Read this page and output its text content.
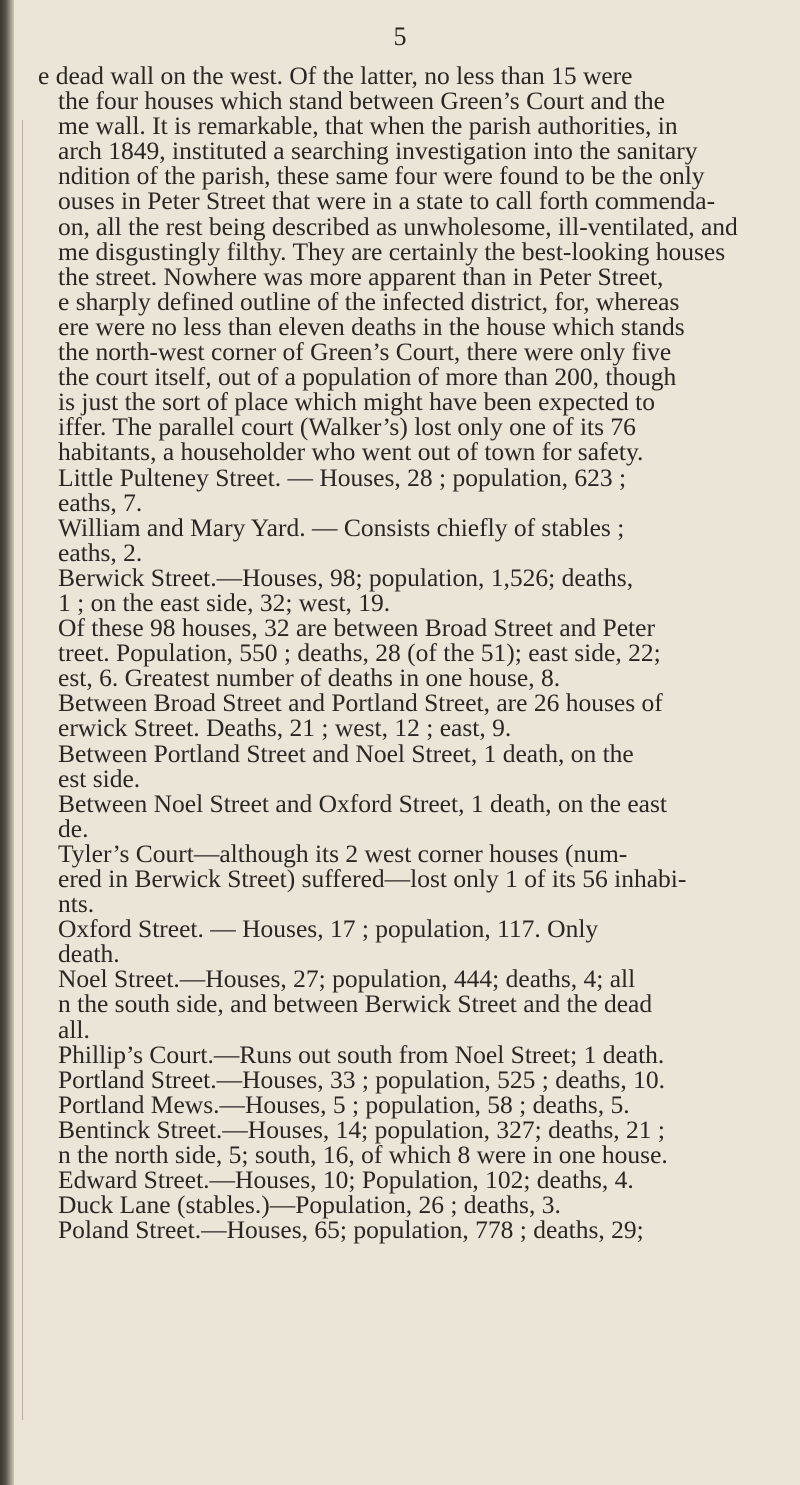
5
e dead wall on the west. Of the latter, no less than 15 were
the four houses which stand between Green’s Court and the
me wall. It is remarkable, that when the parish authorities, in
arch 1849, instituted a searching investigation into the sanitary
ndition of the parish, these same four were found to be the only
ouses in Peter Street that were in a state to call forth commenda-
on, all the rest being described as unwholesome, ill-ventilated, and
me disgustingly filthy. They are certainly the best-looking houses
the street. Nowhere was more apparent than in Peter Street,
e sharply defined outline of the infected district, for, whereas
ere were no less than eleven deaths in the house which stands
the north-west corner of Green’s Court, there were only five
the court itself, out of a population of more than 200, though
is just the sort of place which might have been expected to
iffer. The parallel court (Walker’s) lost only one of its 76
habitants, a householder who went out of town for safety.
Little Pulteney Street. — Houses, 28 ; population, 623 ;
eaths, 7.
William and Mary Yard. — Consists chiefly of stables ;
eaths, 2.
Berwick Street.—Houses, 98; population, 1,526; deaths,
1 ; on the east side, 32; west, 19.
Of these 98 houses, 32 are between Broad Street and Peter
treet. Population, 550 ; deaths, 28 (of the 51); east side, 22;
est, 6. Greatest number of deaths in one house, 8.
Between Broad Street and Portland Street, are 26 houses of
erwick Street. Deaths, 21 ; west, 12 ; east, 9.
Between Portland Street and Noel Street, 1 death, on the
est side.
Between Noel Street and Oxford Street, 1 death, on the east
de.
Tyler’s Court—although its 2 west corner houses (num-
ered in Berwick Street) suffered—lost only 1 of its 56 inhabi-
nts.
Oxford Street. — Houses, 17 ; population, 117. Only
death.
Noel Street.—Houses, 27; population, 444; deaths, 4; all
n the south side, and between Berwick Street and the dead
all.
Phillip’s Court.—Runs out south from Noel Street; 1 death.
Portland Street.—Houses, 33 ; population, 525 ; deaths, 10.
Portland Mews.—Houses, 5 ; population, 58 ; deaths, 5.
Bentinck Street.—Houses, 14; population, 327; deaths, 21 ;
n the north side, 5; south, 16, of which 8 were in one house.
Edward Street.—Houses, 10; Population, 102; deaths, 4.
Duck Lane (stables.)—Population, 26 ; deaths, 3.
Poland Street.—Houses, 65; population, 778 ; deaths, 29;
